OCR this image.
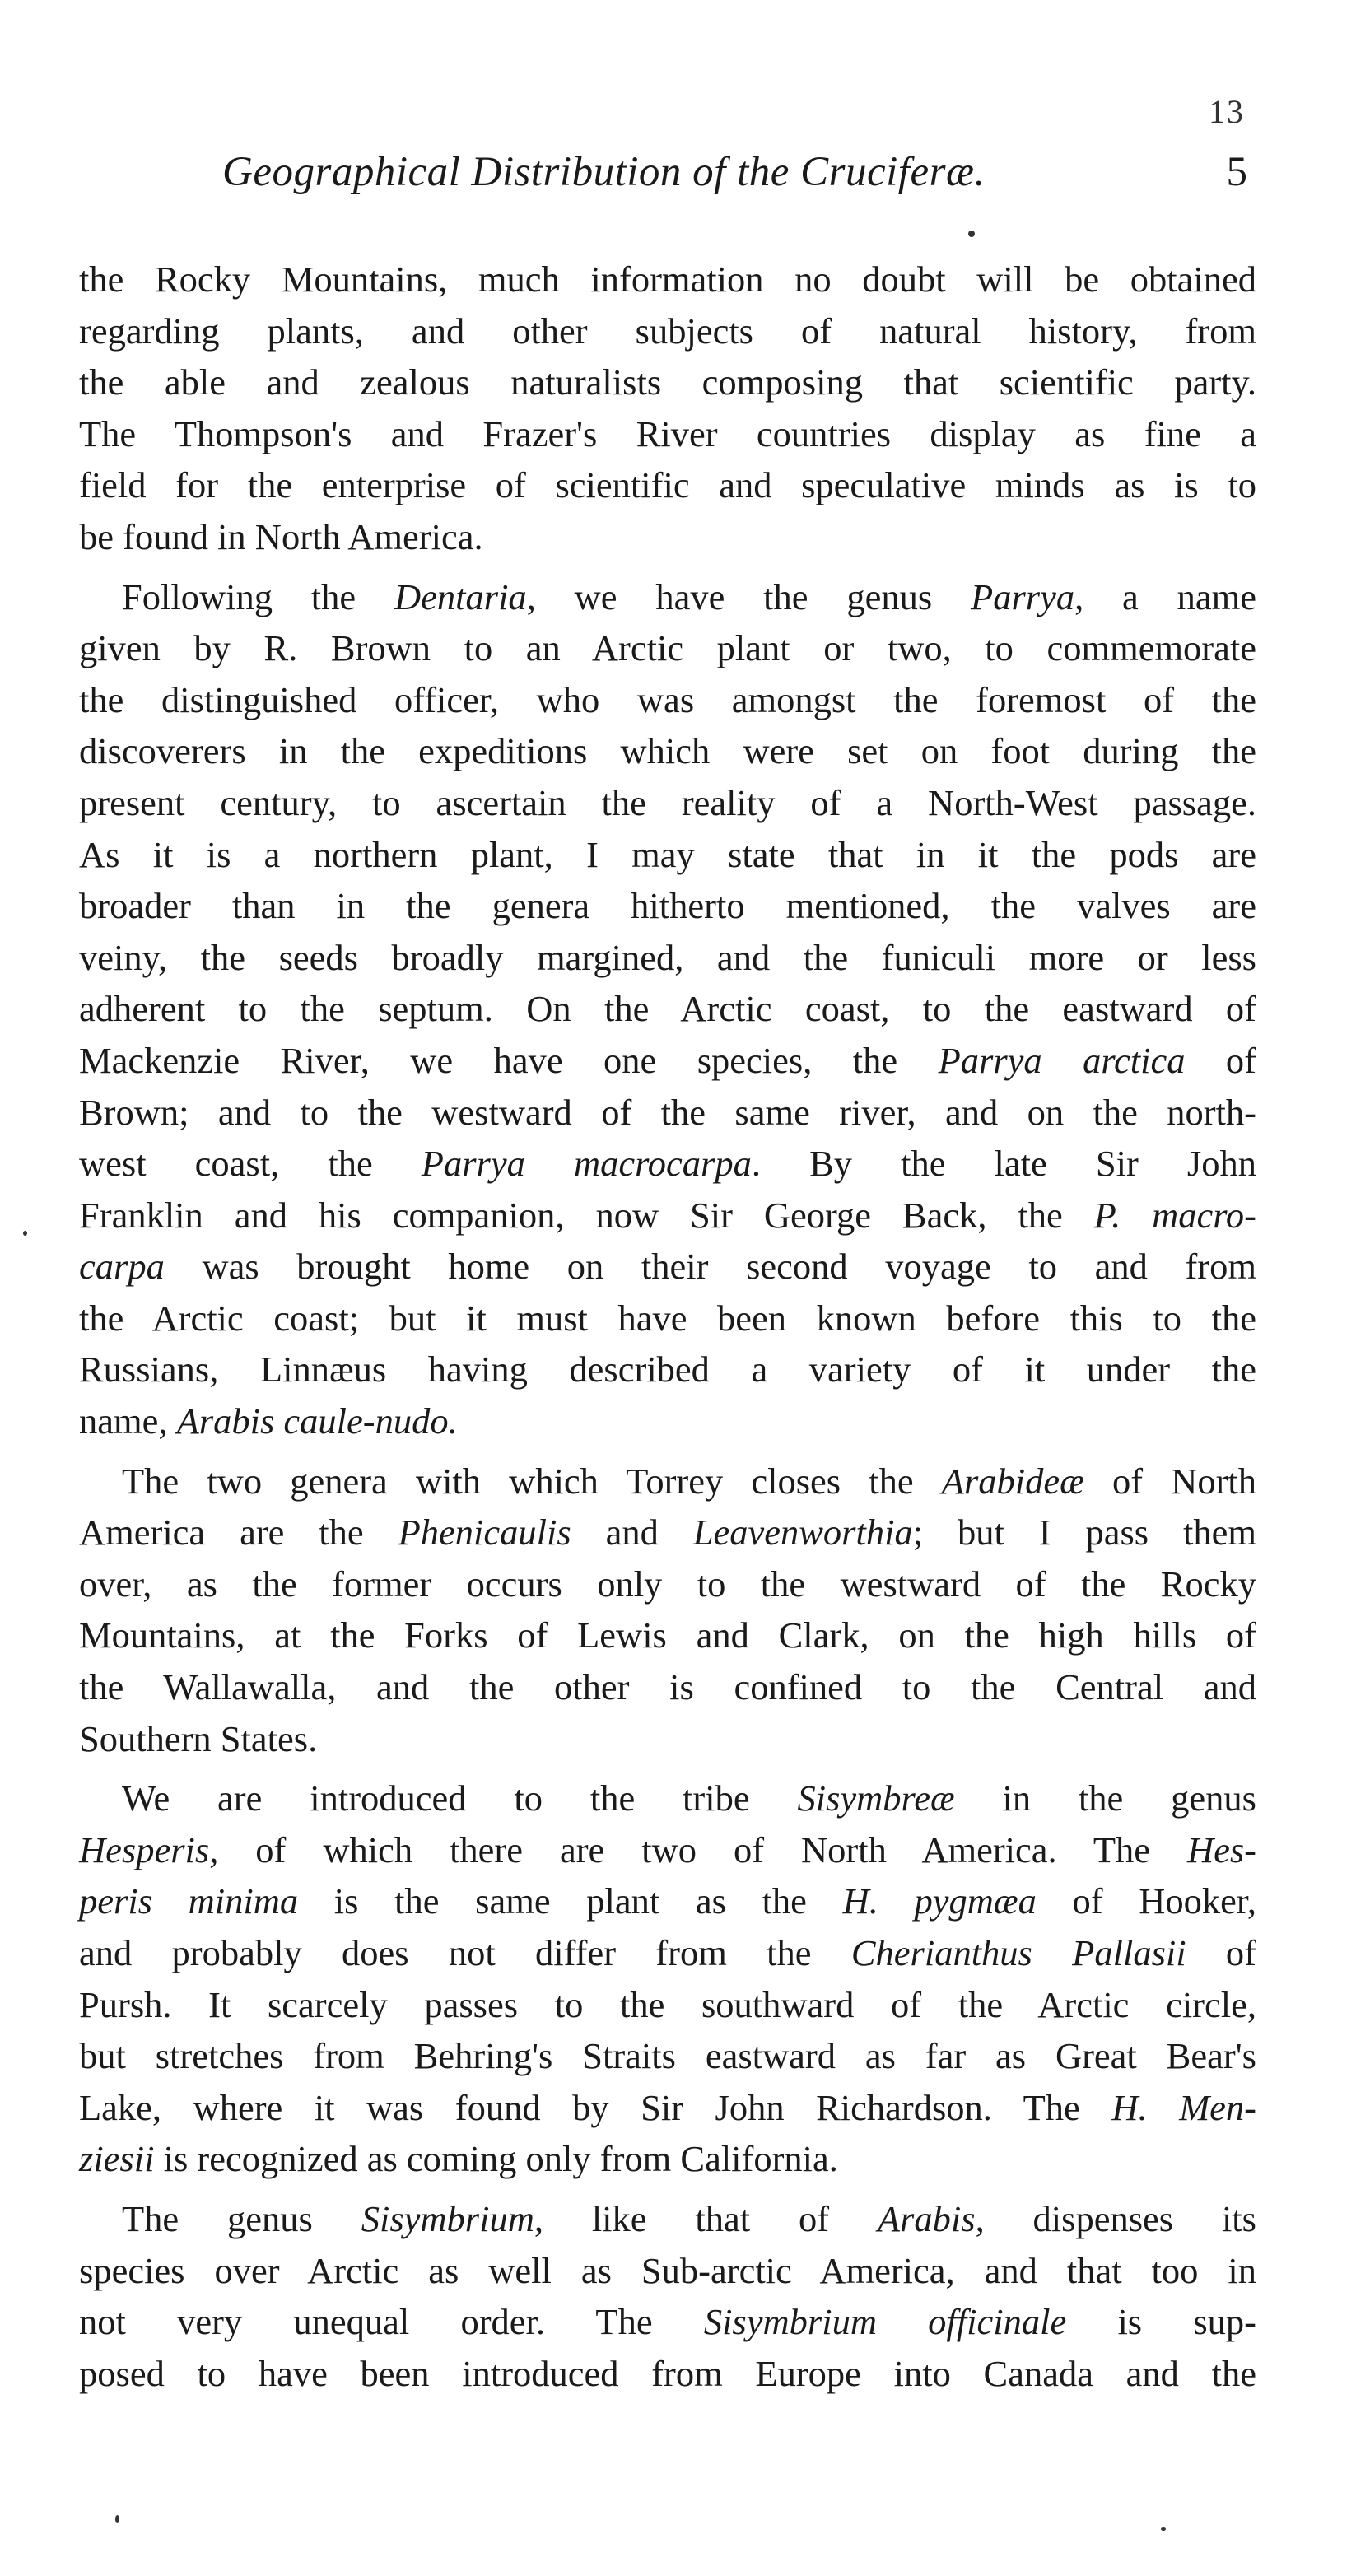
13
Geographical Distribution of the Cruciferæ.	5
the Rocky Mountains, much information no doubt will be obtained
regarding plants, and other subjects of natural history, from
the able and zealous naturalists composing that scientific party.
The Thompson's and Frazer's River countries display as fine a
field for the enterprise of scientific and speculative minds as is to
be found in North America.
Following the Dentaria, we have the genus Parrya, a name
given by R. Brown to an Arctic plant or two, to commemorate
the distinguished officer, who was amongst the foremost of the
discoverers in the expeditions which were set on foot during the
present century, to ascertain the reality of a North-West passage.
As it is a northern plant, I may state that in it the pods are
broader than in the genera hitherto mentioned, the valves are
veiny, the seeds broadly margined, and the funiculi more or less
adherent to the septum. On the Arctic coast, to the eastward of
Mackenzie River, we have one species, the Parrya arctica of
Brown; and to the westward of the same river, and on the north-
west coast, the Parrya macrocarpa. By the late Sir John
Franklin and his companion, now Sir George Back, the P. macro-
carpa was brought home on their second voyage to and from
the Arctic coast; but it must have been known before this to the
Russians, Linnæus having described a variety of it under the
name, Arabis caule-nudo.
The two genera with which Torrey closes the Arabideæ of North
America are the Phenicaulis and Leavenworthia; but I pass them
over, as the former occurs only to the westward of the Rocky
Mountains, at the Forks of Lewis and Clark, on the high hills of
the Wallawalla, and the other is confined to the Central and
Southern States.
We are introduced to the tribe Sisymbreæ in the genus
Hesperis, of which there are two of North America. The Hes-
peris minima is the same plant as the H. pygmæa of Hooker,
and probably does not differ from the Cherianthus Pallasii of
Pursh. It scarcely passes to the southward of the Arctic circle,
but stretches from Behring's Straits eastward as far as Great Bear's
Lake, where it was found by Sir John Richardson. The H. Men-
ziesii is recognized as coming only from California.
The genus Sisymbrium, like that of Arabis, dispenses its
species over Arctic as well as Sub-arctic America, and that too in
not very unequal order. The Sisymbrium officinale is sup-
posed to have been introduced from Europe into Canada and the
